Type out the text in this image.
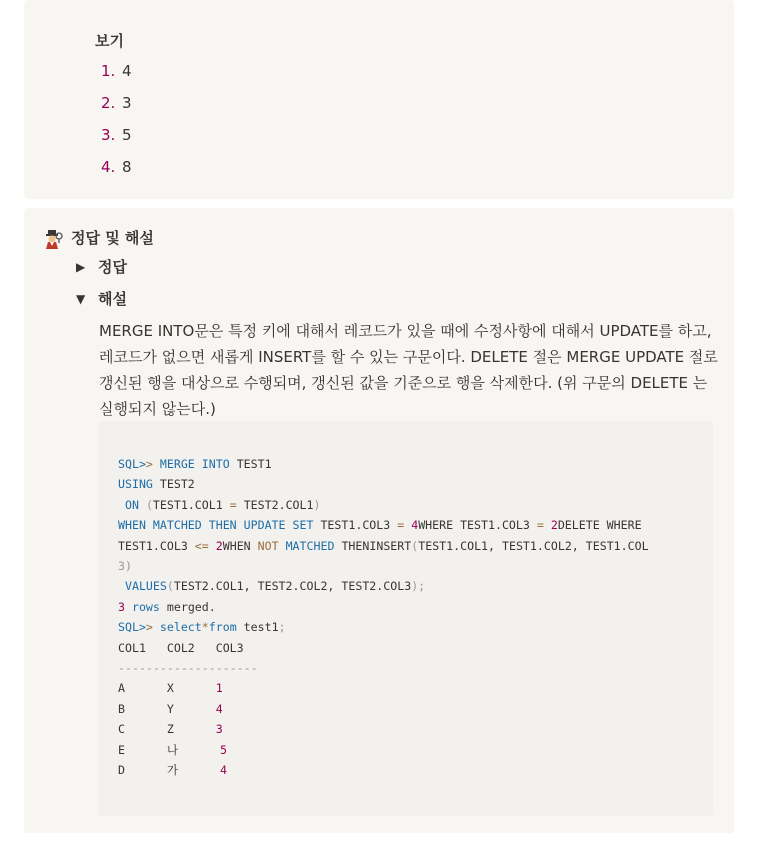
보기
1. 4
2. 3
3. 5
4. 8
정답 및 해설
▶ 정답
▼ 해설
MERGE INTO문은 특정 키에 대해서 레코드가 있을 때에 수정사항에 대해서 UPDATE를 하고, 레코드가 없으면 새롭게 INSERT를 할 수 있는 구문이다. DELETE 절은 MERGE UPDATE 절로 갱신된 행을 대상으로 수행되며, 갱신된 값을 기준으로 행을 삭제한다. (위 구문의 DELETE 는 실행되지 않는다.)
SQL>> MERGE INTO TEST1
USING TEST2
ON (TEST1.COL1 = TEST2.COL1)
WHEN MATCHED THEN UPDATE SET TEST1.COL3 = 4WHERE TEST1.COL3 = 2DELETE WHERE
TEST1.COL3 <= 2WHEN NOT MATCHED THENINSERT(TEST1.COL1, TEST1.COL2, TEST1.COL
3)
VALUES(TEST2.COL1, TEST2.COL2, TEST2.COL3);
3 rows merged.
SQL>> select*from test1;
COL1   COL2   COL3
--------------------
A	X	1
B	Y	4
C	Z	3
E	나	5
D	가	4
